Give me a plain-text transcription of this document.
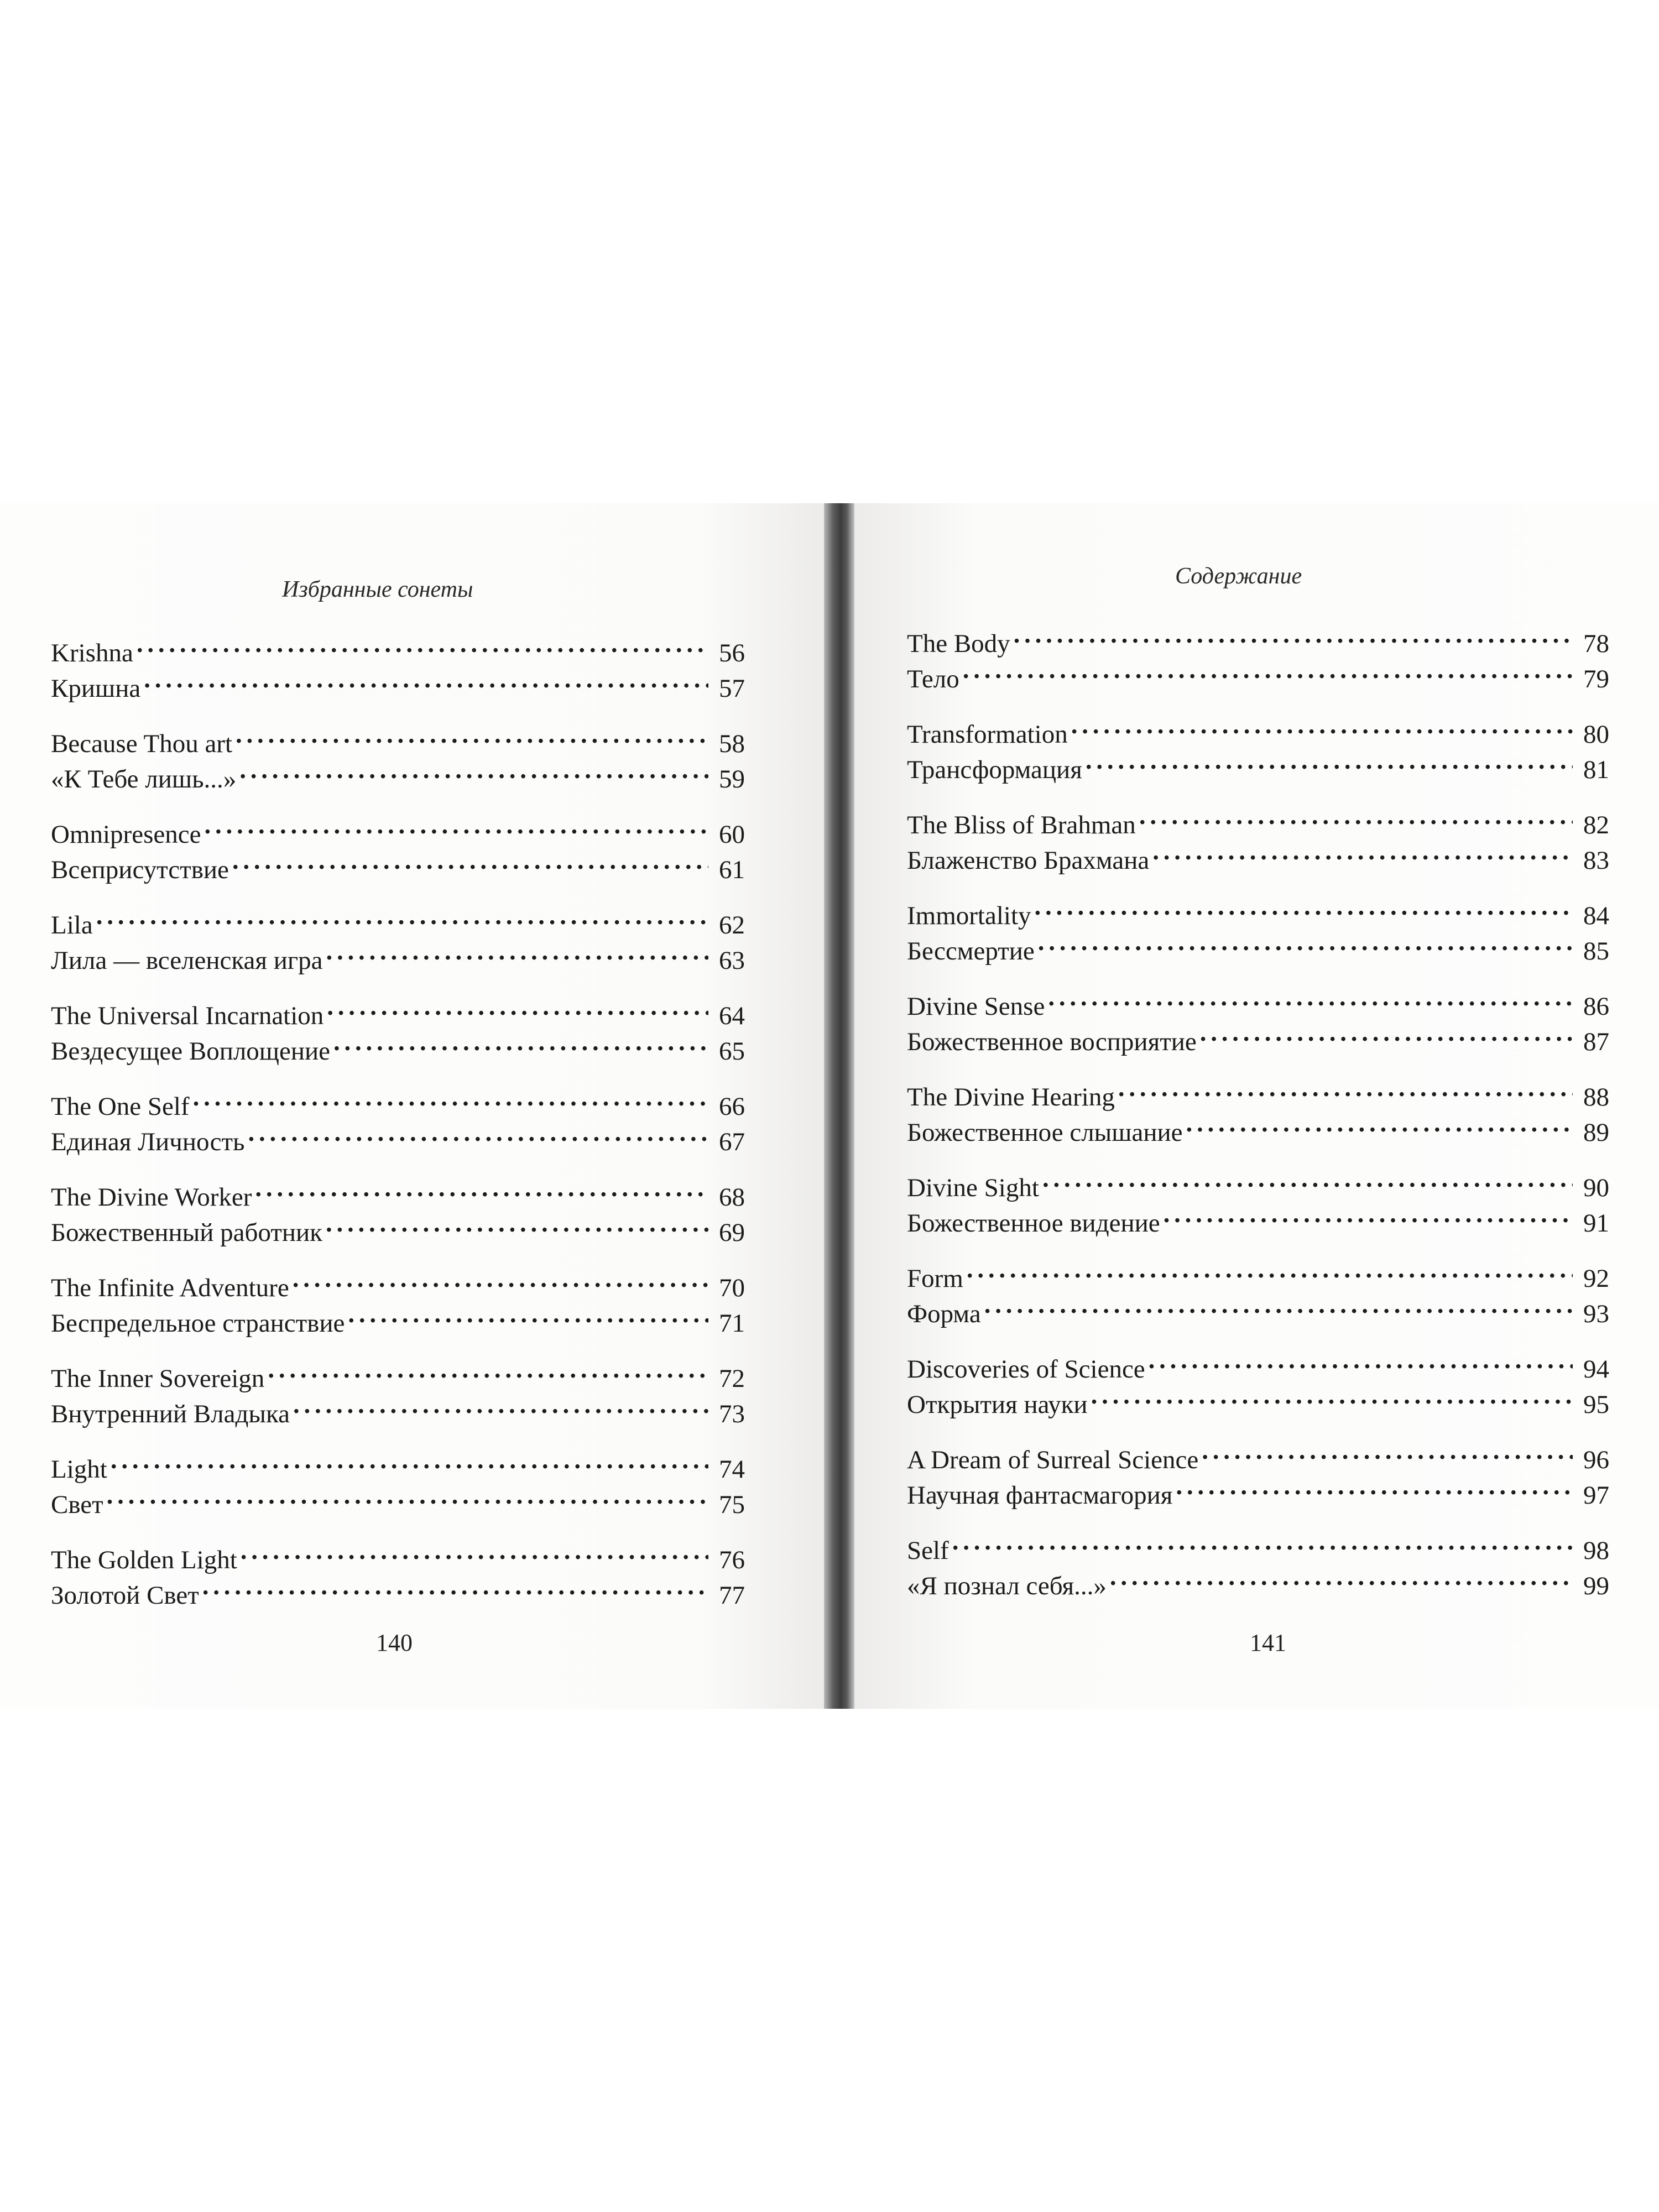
Избранные сонеты
Krishna . . .	56
Кришна . . .	57
Because Thou art . . .	58
«К Тебе лишь...» . . .	59
Omnipresence . . .	60
Всеприсутствие . . .	61
Lila . . .	62
Лила — вселенская игра . . .	63
The Universal Incarnation . . .	64
Вездесущее Воплощение . . .	65
The One Self . . .	66
Единая Личность . . .	67
The Divine Worker . . .	68
Божественный работник . . .	69
The Infinite Adventure . . .	70
Беспредельное странствие . . .	71
The Inner Sovereign . . .	72
Внутренний Владыка . . .	73
Light . . .	74
Свет . . .	75
The Golden Light . . .	76
Золотой Свет . . .	77
140
Содержание
The Body . . .	78
Тело . . .	79
Transformation . . .	80
Трансформация . . .	81
The Bliss of Brahman . . .	82
Блаженство Брахмана . . .	83
Immortality . . .	84
Бессмертие . . .	85
Divine Sense . . .	86
Божественное восприятие . . .	87
The Divine Hearing . . .	88
Божественное слышание . . .	89
Divine Sight . . .	90
Божественное видение . . .	91
Form . . .	92
Форма . . .	93
Discoveries of Science . . .	94
Открытия науки . . .	95
A Dream of Surreal Science . . .	96
Научная фантасмагория . . .	97
Self . . .	98
«Я познал себя...» . . .	99
141
